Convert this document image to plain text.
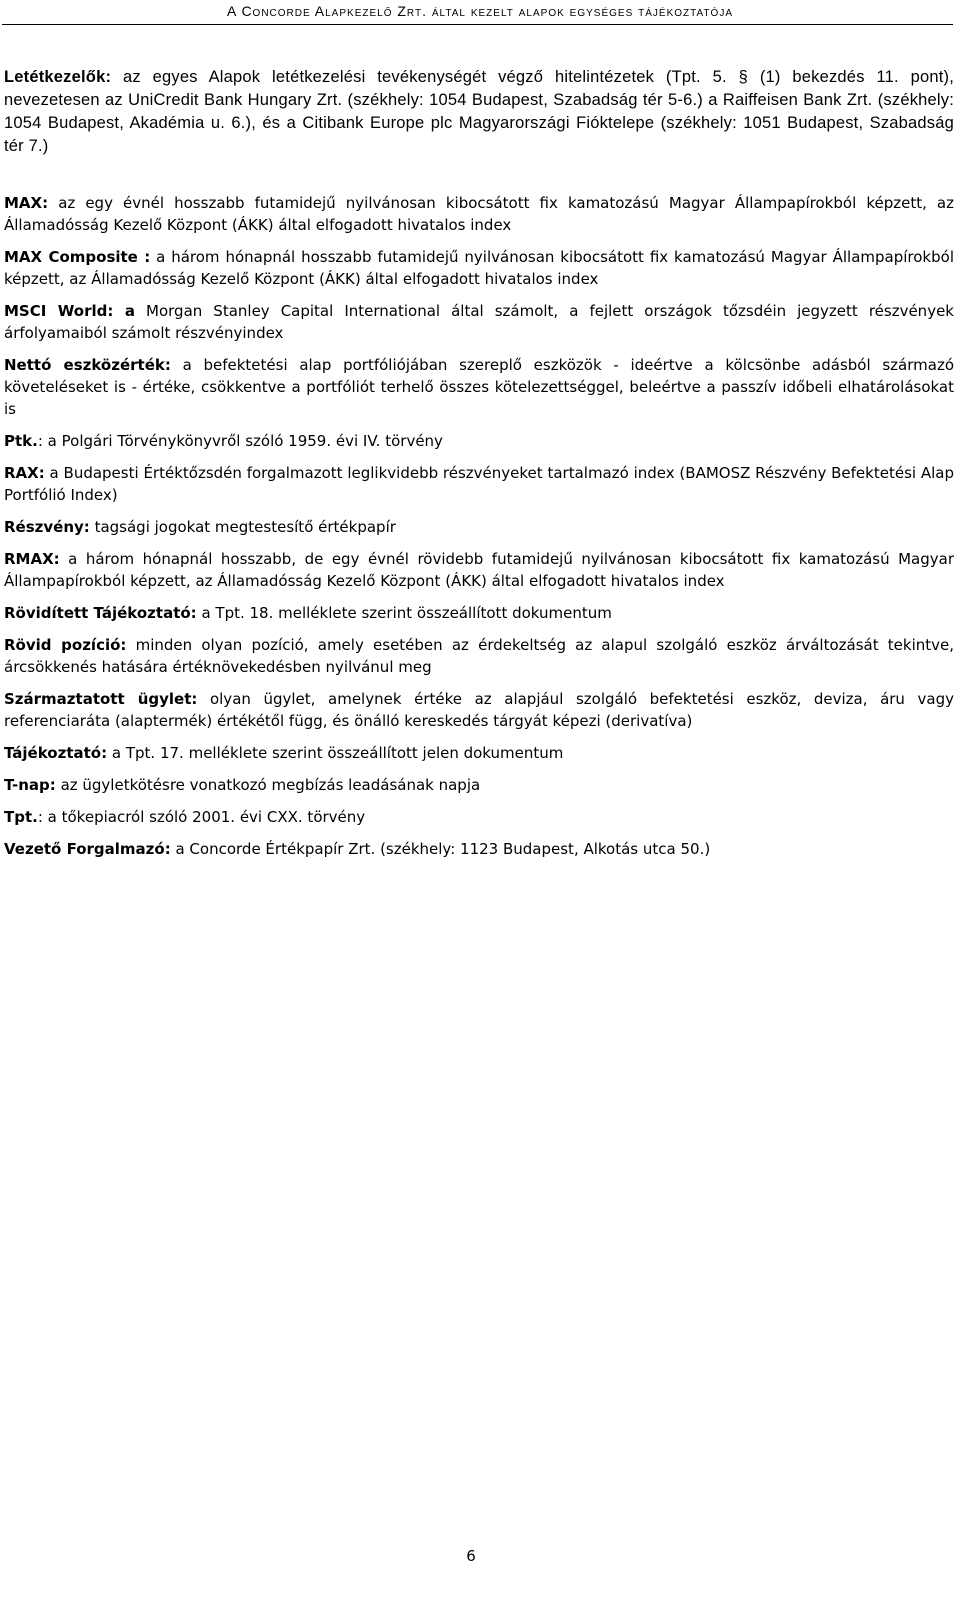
A Concorde Alapkezelő Zrt. által kezelt alapok egységes tájékoztatója

Letétkezelők: az egyes Alapok letétkezelési tevékenységét végző hitelintézetek (Tpt. 5. § (1) bekezdés 11. pont), nevezetesen az UniCredit Bank Hungary Zrt. (székhely: 1054 Budapest, Szabadság tér 5-6.) a Raiffeisen Bank Zrt. (székhely: 1054 Budapest, Akadémia u. 6.), és a Citibank Europe plc Magyarországi Fióktelepe (székhely: 1051 Budapest, Szabadság tér 7.)

MAX: az egy évnél hosszabb futamidejű nyilvánosan kibocsátott fix kamatozású Magyar Állampapírokból képzett, az Államadósság Kezelő Központ (ÁKK) által elfogadott hivatalos index

MAX Composite : a három hónapnál hosszabb futamidejű nyilvánosan kibocsátott fix kamatozású Magyar Állampapírokból képzett, az Államadósság Kezelő Központ (ÁKK) által elfogadott hivatalos index

MSCI World: a Morgan Stanley Capital International által számolt, a fejlett országok tőzsdéin jegyzett részvények árfolyamaiból számolt részvényindex

Nettó eszközérték: a befektetési alap portfóliójában szereplő eszközök - ideértve a kölcsönbe adásból származó követeléseket is - értéke, csökkentve a portfóliót terhelő összes kötelezettséggel, beleértve a passzív időbeli elhatárolásokat is

Ptk.: a Polgári Törvénykönyvről szóló 1959. évi IV. törvény

RAX: a Budapesti Értéktőzsdén forgalmazott leglikvidebb részvényeket tartalmazó index (BAMOSZ Részvény Befektetési Alap Portfólió Index)

Részvény: tagsági jogokat megtestesítő értékpapír

RMAX: a három hónapnál hosszabb, de egy évnél rövidebb futamidejű nyilvánosan kibocsátott fix kamatozású Magyar Állampapírokból képzett, az Államadósság Kezelő Központ (ÁKK) által elfogadott hivatalos index

Rövidített Tájékoztató: a Tpt. 18. melléklete szerint összeállított dokumentum

Rövid pozíció: minden olyan pozíció, amely esetében az érdekeltség az alapul szolgáló eszköz árváltozását tekintve, árcsökkenés hatására értéknövekedésben nyilvánul meg

Származtatott ügylet: olyan ügylet, amelynek értéke az alapjául szolgáló befektetési eszköz, deviza, áru vagy referenciaráta (alaptermék) értékétől függ, és önálló kereskedés tárgyát képezi (derivatíva)

Tájékoztató: a Tpt. 17. melléklete szerint összeállított jelen dokumentum

T-nap: az ügyletkötésre vonatkozó megbízás leadásának napja

Tpt.: a tőkepiacról szóló 2001. évi CXX. törvény

Vezető Forgalmazó: a Concorde Értékpapír Zrt. (székhely: 1123 Budapest, Alkotás utca 50.)

6
